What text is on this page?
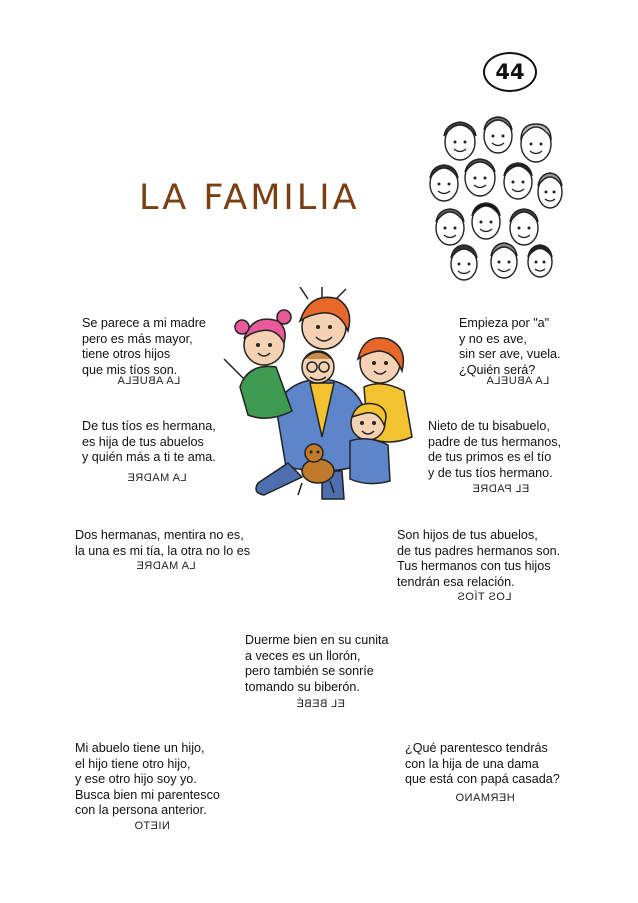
44
LA FAMILIA
Se parece a mi madre
pero es más mayor,
tiene otros hijos
que mis tíos son.
LA ABUELA
Empieza por "a"
y no es ave,
sin ser ave, vuela.
¿Quién será?
LA ABUELA
De tus tíos es hermana,
es hija de tus abuelos
y quién más a ti te ama.
LA MADRE
Nieto de tu bisabuelo,
padre de tus hermanos,
de tus primos es el tío
y de tus tíos hermano.
EL PADRE
Dos hermanas, mentira no es,
la una es mi tía, la otra no lo es
LA MADRE
Son hijos de tus abuelos,
de tus padres hermanos son.
Tus hermanos con tus hijos
tendrán esa relación.
LOS TÍOS
Duerme bien en su cunita
a veces es un llorón,
pero también se sonríe
tomando su biberón.
EL BEBÉ
Mi abuelo tiene un hijo,
el hijo tiene otro hijo,
y ese otro hijo soy yo.
Busca bien mi parentesco
con la persona anterior.
NIETO
¿Qué parentesco tendrás
con la hija de una dama
que está con papá casada?
HERMANO
